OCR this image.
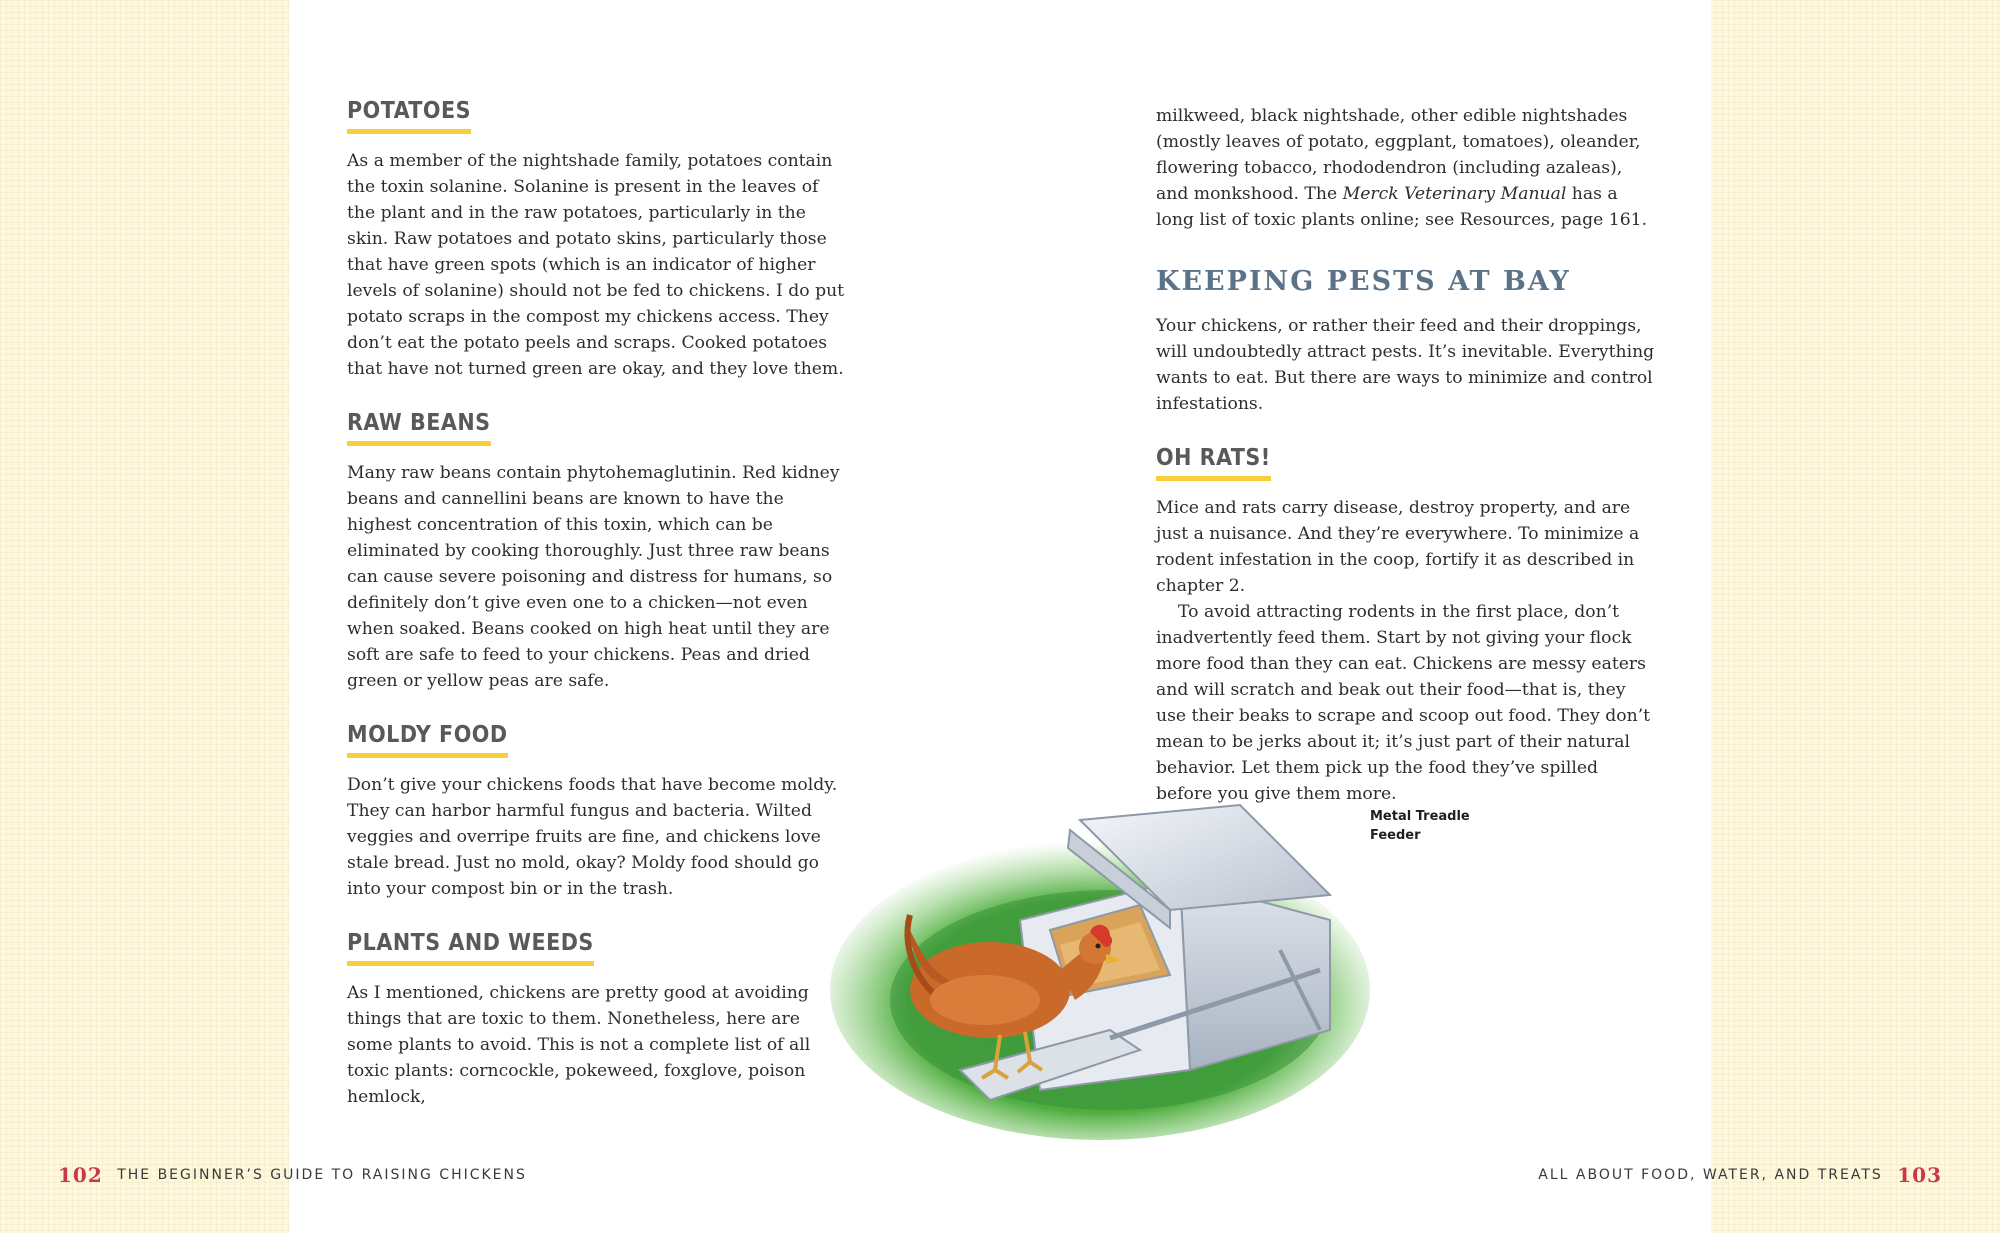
POTATOES

As a member of the nightshade family, potatoes contain the toxin solanine. Solanine is present in the leaves of the plant and in the raw potatoes, particularly in the skin. Raw potatoes and potato skins, particularly those that have green spots (which is an indicator of higher levels of solanine) should not be fed to chickens. I do put potato scraps in the compost my chickens access. They don’t eat the potato peels and scraps. Cooked potatoes that have not turned green are okay, and they love them.

RAW BEANS

Many raw beans contain phytohemaglutinin. Red kidney beans and cannellini beans are known to have the highest concentration of this toxin, which can be eliminated by cooking thoroughly. Just three raw beans can cause severe poisoning and distress for humans, so definitely don’t give even one to a chicken—not even when soaked. Beans cooked on high heat until they are soft are safe to feed to your chickens. Peas and dried green or yellow peas are safe.

MOLDY FOOD

Don’t give your chickens foods that have become moldy. They can harbor harmful fungus and bacteria. Wilted veggies and overripe fruits are fine, and chickens love stale bread. Just no mold, okay? Moldy food should go into your compost bin or in the trash.

PLANTS AND WEEDS

As I mentioned, chickens are pretty good at avoiding things that are toxic to them. Nonetheless, here are some plants to avoid. This is not a complete list of all toxic plants: corncockle, pokeweed, foxglove, poison hemlock,

milkweed, black nightshade, other edible nightshades (mostly leaves of potato, eggplant, tomatoes), oleander, flowering tobacco, rhododendron (including azaleas), and monkshood. The Merck Veterinary Manual has a long list of toxic plants online; see Resources, page 161.

KEEPING PESTS AT BAY

Your chickens, or rather their feed and their droppings, will undoubtedly attract pests. It’s inevitable. Everything wants to eat. But there are ways to minimize and control infestations.

OH RATS!

Mice and rats carry disease, destroy property, and are just a nuisance. And they’re everywhere. To minimize a rodent infestation in the coop, fortify it as described in chapter 2.

To avoid attracting rodents in the first place, don’t inadvertently feed them. Start by not giving your flock more food than they can eat. Chickens are messy eaters and will scratch and beak out their food—that is, they use their beaks to scrape and scoop out food. They don’t mean to be jerks about it; it’s just part of their natural behavior. Let them pick up the food they’ve spilled before you give them more.

Metal Treadle Feeder
102 THE BEGINNER’S GUIDE TO RAISING CHICKENS	ALL ABOUT FOOD, WATER, AND TREATS 103
